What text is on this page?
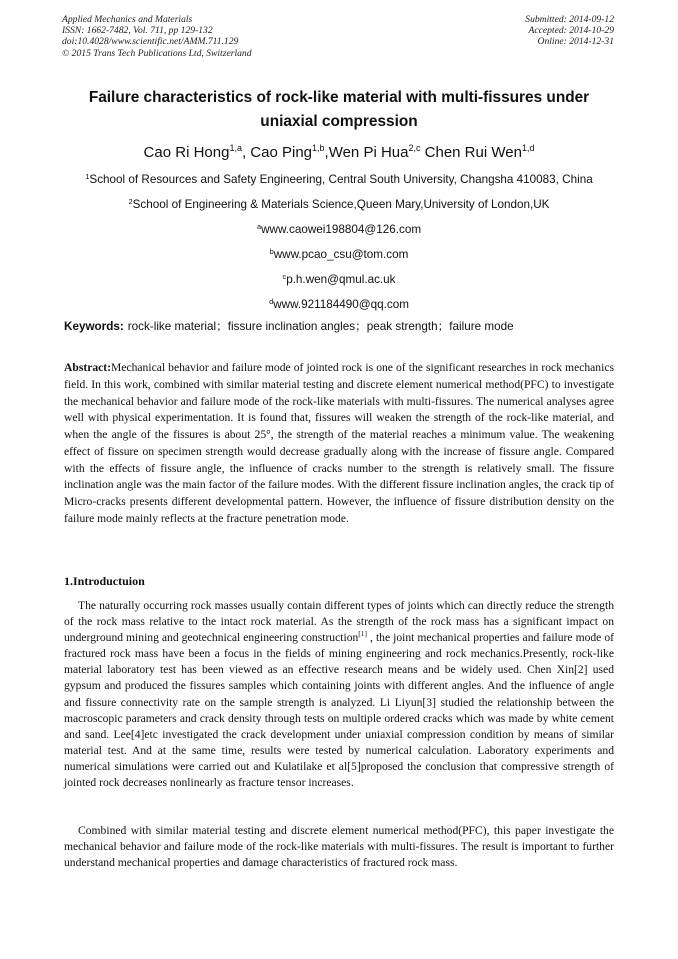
Applied Mechanics and Materials
ISSN: 1662-7482, Vol. 711, pp 129-132
doi:10.4028/www.scientific.net/AMM.711.129
© 2015 Trans Tech Publications Ltd, Switzerland
Submitted: 2014-09-12
Accepted: 2014-10-29
Online: 2014-12-31
Failure characteristics of rock-like material with multi-fissures under uniaxial compression
Cao Ri Hong$^{1,a}$, Cao Ping$^{1,b}$,Wen Pi Hua$^{2,c}$ Chen Rui Wen$^{1,d}$
$^1$School of Resources and Safety Engineering, Central South University, Changsha 410083, China
$^2$School of Engineering & Materials Science,Queen Mary,University of London,UK
$^a$www.caowei198804@126.com
$^b$www.pcao_csu@tom.com
$^c$p.h.wen@qmul.ac.uk
$^d$www.921184490@qq.com
Keywords: rock-like material；fissure inclination angles；peak strength；failure mode

Abstract:Mechanical behavior and failure mode of jointed rock is one of the significant researches in rock mechanics field. In this work, combined with similar material testing and discrete element numerical method(PFC) to investigate the mechanical behavior and failure mode of the rock-like materials with multi-fissures. The numerical analyses agree well with physical experimentation. It is found that, fissures will weaken the strength of the rock-like material, and when the angle of the fissures is about 25°, the strength of the material reaches a minimum value. The weakening effect of fissure on specimen strength would decrease gradually along with the increase of fissure angle. Compared with the effects of fissure angle, the influence of cracks number to the strength is relatively small. The fissure inclination angle was the main factor of the failure modes. With the different fissure inclination angles, the crack tip of Micro-cracks presents different developmental pattern. However, the influence of fissure distribution density on the failure mode mainly reflects at the fracture penetration mode.

1.Introductuion

The naturally occurring rock masses usually contain different types of joints which can directly reduce the strength of the rock mass relative to the intact rock material. As the strength of the rock mass has a significant impact on underground mining and geotechnical engineering construction[1] , the joint mechanical properties and failure mode of fractured rock mass have been a focus in the fields of mining engineering and rock mechanics.Presently, rock-like material laboratory test has been viewed as an effective research means and be widely used. Chen Xin[2] used gypsum and produced the fissures samples which containing joints with different angles. And the influence of angle and fissure connectivity rate on the sample strength is analyzed. Li Liyun[3] studied the relationship between the macroscopic parameters and crack density through tests on multiple ordered cracks which was made by white cement and sand. Lee[4]etc investigated the crack development under uniaxial compression condition by means of similar material test. And at the same time, results were tested by numerical calculation. Laboratory experiments and numerical simulations were carried out and Kulatilake et al[5]proposed the conclusion that compressive strength of jointed rock decreases nonlinearly as fracture tensor increases.

Combined with similar material testing and discrete element numerical method(PFC), this paper investigate the mechanical behavior and failure mode of the rock-like materials with multi-fissures. The result is important to further understand mechanical properties and damage characteristics of fractured rock mass.
